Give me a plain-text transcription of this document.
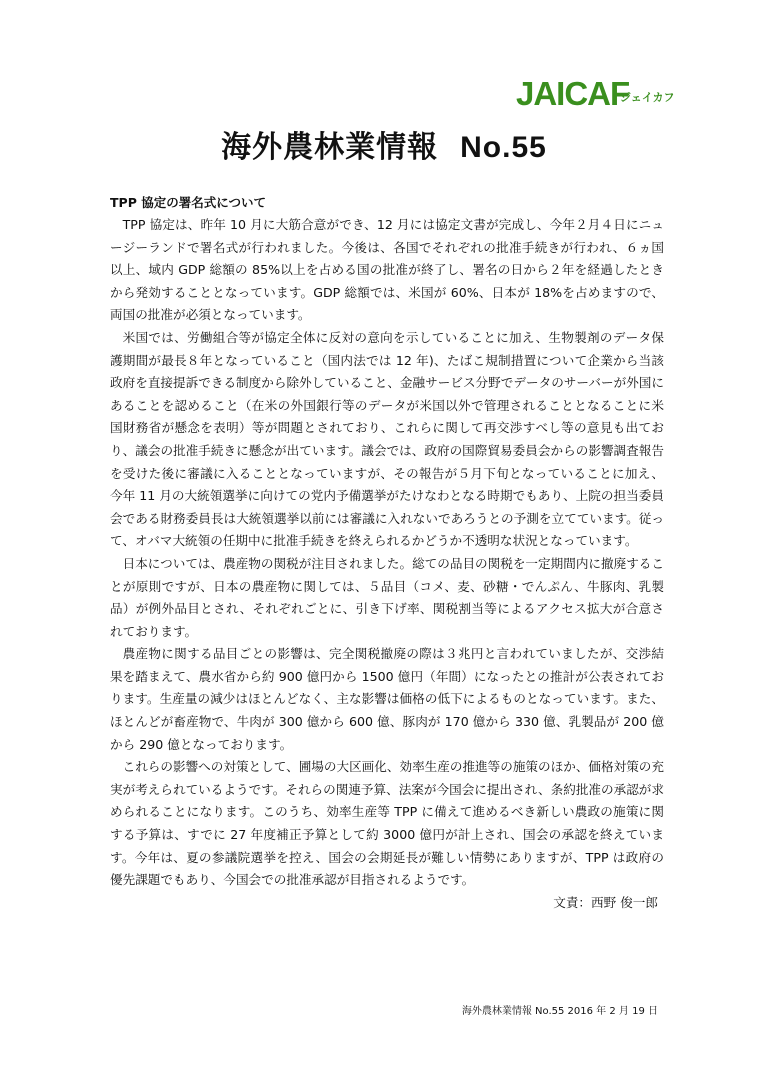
JAICAF
ジェイカフ
海外農林業情報 No.55
TPP 協定の署名式について

TPP 協定は、昨年 10 月に大筋合意ができ、12 月には協定文書が完成し、今年２月４日にニュージーランドで署名式が行われました。今後は、各国でそれぞれの批准手続きが行われ、６ヵ国以上、域内 GDP 総額の 85%以上を占める国の批准が終了し、署名の日から２年を経過したときから発効することとなっています。GDP 総額では、米国が 60%、日本が 18%を占めますので、両国の批准が必須となっています。

米国では、労働組合等が協定全体に反対の意向を示していることに加え、生物製剤のデータ保護期間が最長８年となっていること（国内法では 12 年)、たばこ規制措置について企業から当該政府を直接提訴できる制度から除外していること、金融サービス分野でデータのサーバーが外国にあることを認めること（在米の外国銀行等のデータが米国以外で管理されることとなることに米国財務省が懸念を表明）等が問題とされており、これらに関して再交渉すべし等の意見も出ており、議会の批准手続きに懸念が出ています。議会では、政府の国際貿易委員会からの影響調査報告を受けた後に審議に入ることとなっていますが、その報告が５月下旬となっていることに加え、今年 11 月の大統領選挙に向けての党内予備選挙がたけなわとなる時期でもあり、上院の担当委員会である財務委員長は大統領選挙以前には審議に入れないであろうとの予測を立てています。従って、オバマ大統領の任期中に批准手続きを終えられるかどうか不透明な状況となっています。

日本については、農産物の関税が注目されました。総ての品目の関税を一定期間内に撤廃することが原則ですが、日本の農産物に関しては、５品目（コメ、麦、砂糖・でんぷん、牛豚肉、乳製品）が例外品目とされ、それぞれごとに、引き下げ率、関税割当等によるアクセス拡大が合意されております。

農産物に関する品目ごとの影響は、完全関税撤廃の際は３兆円と言われていましたが、交渉結果を踏まえて、農水省から約 900 億円から 1500 億円（年間）になったとの推計が公表されております。生産量の減少はほとんどなく、主な影響は価格の低下によるものとなっています。また、ほとんどが畜産物で、牛肉が 300 億から 600 億、豚肉が 170 億から 330 億、乳製品が 200 億から 290 億となっております。

これらの影響への対策として、圃場の大区画化、効率生産の推進等の施策のほか、価格対策の充実が考えられているようです。それらの関連予算、法案が今国会に提出され、条約批准の承認が求められることになります。このうち、効率生産等 TPP に備えて進めるべき新しい農政の施策に関する予算は、すでに 27 年度補正予算として約 3000 億円が計上され、国会の承認を終えています。今年は、夏の参議院選挙を控え、国会の会期延長が難しい情勢にありますが、TPP は政府の優先課題でもあり、今国会での批准承認が目指されるようです。

文責：西野 俊一郎

海外農林業情報 No.55 2016 年 2 月 19 日
